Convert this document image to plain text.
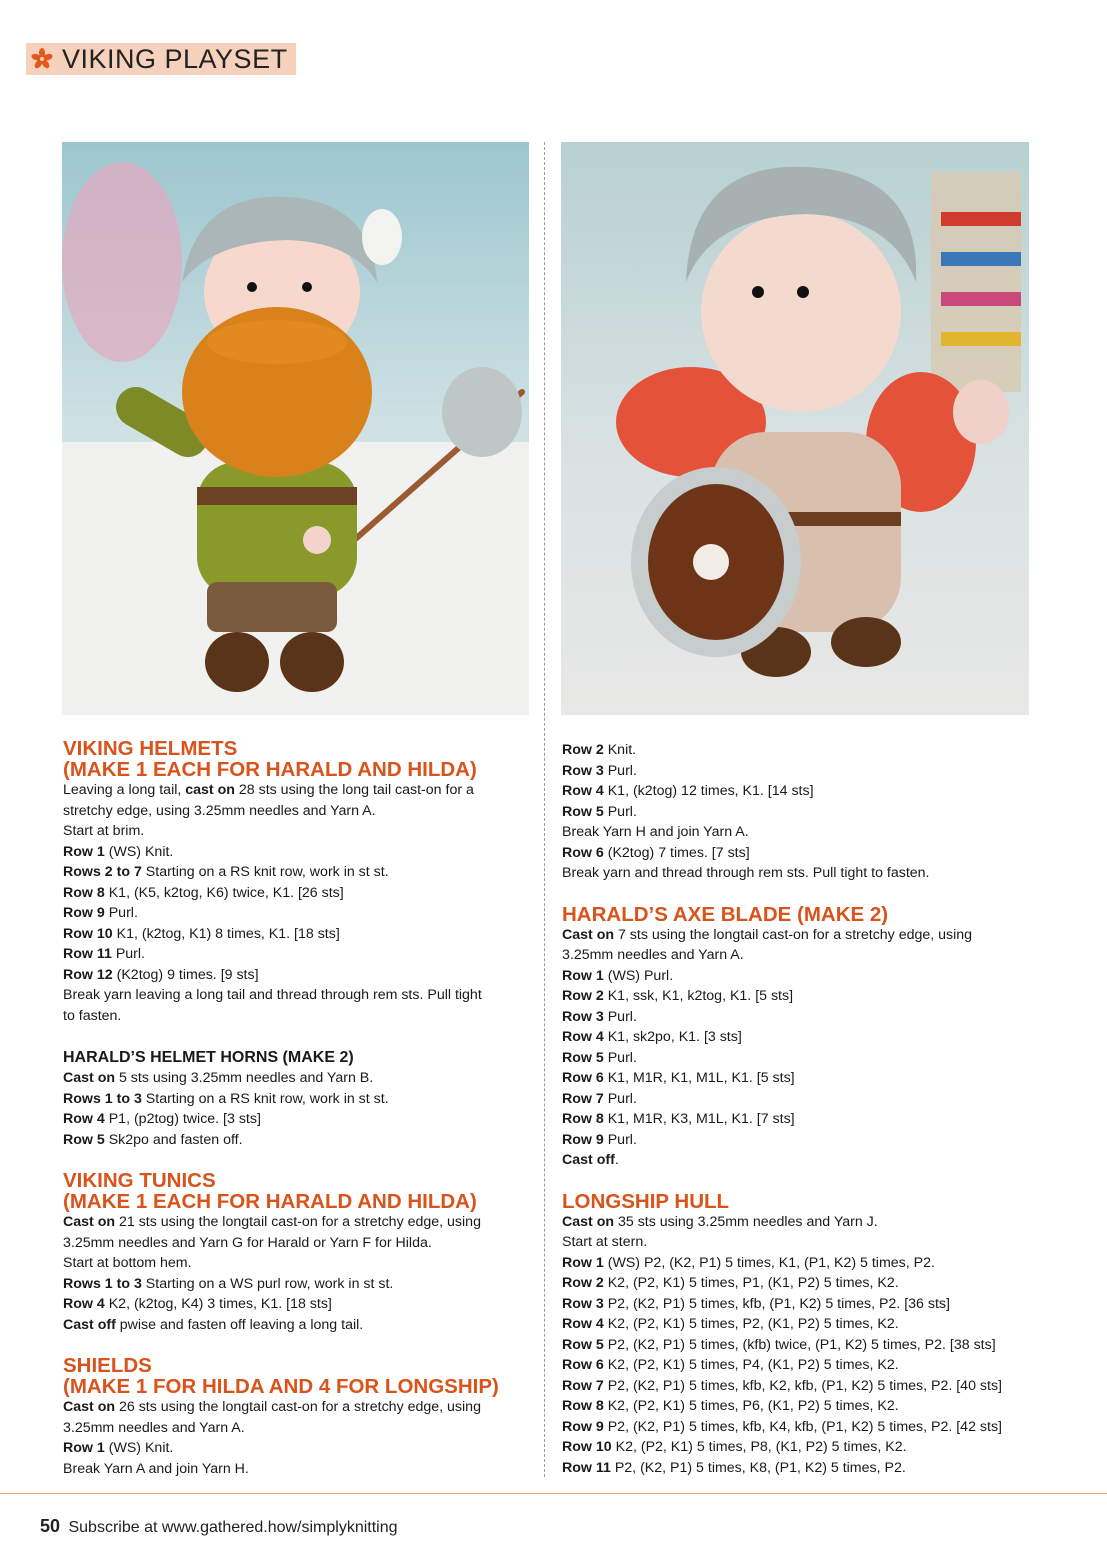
VIKING PLAYSET
VIKING HELMETS
(MAKE 1 EACH FOR HARALD AND HILDA)
Leaving a long tail, cast on 28 sts using the long tail cast-on for a
stretchy edge, using 3.25mm needles and Yarn A.
Start at brim.
Row 1 (WS) Knit.
Rows 2 to 7 Starting on a RS knit row, work in st st.
Row 8 K1, (K5, k2tog, K6) twice, K1. [26 sts]
Row 9 Purl.
Row 10 K1, (k2tog, K1) 8 times, K1. [18 sts]
Row 11 Purl.
Row 12 (K2tog) 9 times. [9 sts]
Break yarn leaving a long tail and thread through rem sts. Pull tight
to fasten.
HARALD’S HELMET HORNS (MAKE 2)
Cast on 5 sts using 3.25mm needles and Yarn B.
Rows 1 to 3 Starting on a RS knit row, work in st st.
Row 4 P1, (p2tog) twice. [3 sts]
Row 5 Sk2po and fasten off.
VIKING TUNICS
(MAKE 1 EACH FOR HARALD AND HILDA)
Cast on 21 sts using the longtail cast-on for a stretchy edge, using
3.25mm needles and Yarn G for Harald or Yarn F for Hilda.
Start at bottom hem.
Rows 1 to 3 Starting on a WS purl row, work in st st.
Row 4 K2, (k2tog, K4) 3 times, K1. [18 sts]
Cast off pwise and fasten off leaving a long tail.
SHIELDS
(MAKE 1 FOR HILDA AND 4 FOR LONGSHIP)
Cast on 26 sts using the longtail cast-on for a stretchy edge, using
3.25mm needles and Yarn A.
Row 1 (WS) Knit.
Break Yarn A and join Yarn H.
Row 2 Knit.
Row 3 Purl.
Row 4 K1, (k2tog) 12 times, K1. [14 sts]
Row 5 Purl.
Break Yarn H and join Yarn A.
Row 6 (K2tog) 7 times. [7 sts]
Break yarn and thread through rem sts. Pull tight to fasten.
HARALD’S AXE BLADE (MAKE 2)
Cast on 7 sts using the longtail cast-on for a stretchy edge, using
3.25mm needles and Yarn A.
Row 1 (WS) Purl.
Row 2 K1, ssk, K1, k2tog, K1. [5 sts]
Row 3 Purl.
Row 4 K1, sk2po, K1. [3 sts]
Row 5 Purl.
Row 6 K1, M1R, K1, M1L, K1. [5 sts]
Row 7 Purl.
Row 8 K1, M1R, K3, M1L, K1. [7 sts]
Row 9 Purl.
Cast off.
LONGSHIP HULL
Cast on 35 sts using 3.25mm needles and Yarn J.
Start at stern.
Row 1 (WS) P2, (K2, P1) 5 times, K1, (P1, K2) 5 times, P2.
Row 2 K2, (P2, K1) 5 times, P1, (K1, P2) 5 times, K2.
Row 3 P2, (K2, P1) 5 times, kfb, (P1, K2) 5 times, P2. [36 sts]
Row 4 K2, (P2, K1) 5 times, P2, (K1, P2) 5 times, K2.
Row 5 P2, (K2, P1) 5 times, (kfb) twice, (P1, K2) 5 times, P2. [38 sts]
Row 6 K2, (P2, K1) 5 times, P4, (K1, P2) 5 times, K2.
Row 7 P2, (K2, P1) 5 times, kfb, K2, kfb, (P1, K2) 5 times, P2. [40 sts]
Row 8 K2, (P2, K1) 5 times, P6, (K1, P2) 5 times, K2.
Row 9 P2, (K2, P1) 5 times, kfb, K4, kfb, (P1, K2) 5 times, P2. [42 sts]
Row 10 K2, (P2, K1) 5 times, P8, (K1, P2) 5 times, K2.
Row 11 P2, (K2, P1) 5 times, K8, (P1, K2) 5 times, P2.
50 Subscribe at www.gathered.how/simplyknitting
